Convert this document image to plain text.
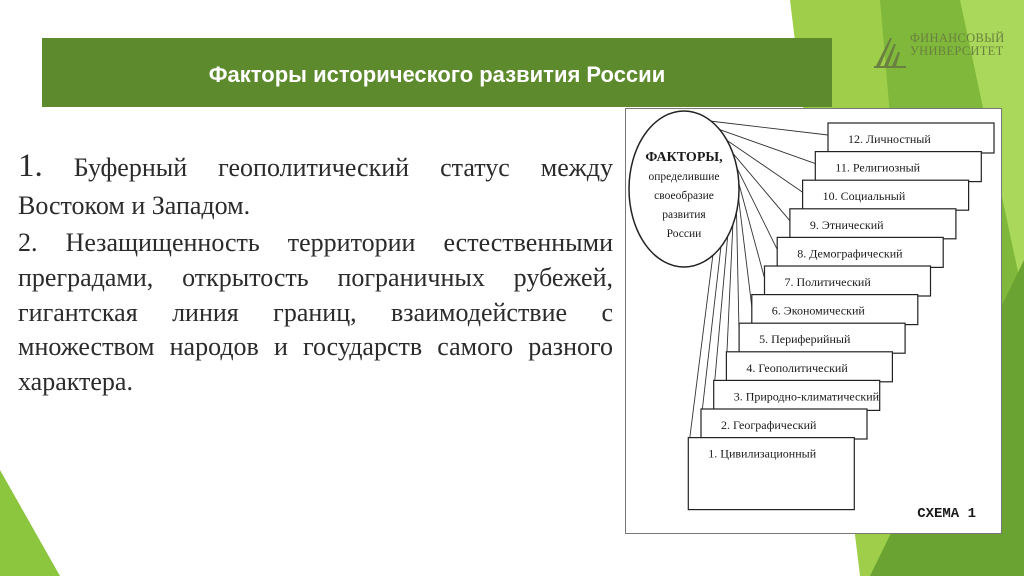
Факторы исторического развития России
ФИНАНСОВЫЙ
УНИВЕРСИТЕТ

1. Буферный геополитический статус между Востоком и Западом.

2. Незащищенность территории естественными преградами, открытость пограничных рубежей, гигантская линия границ, взаимодействие с множеством народов и государств самого разного характера.

12. Личностный
11. Религиозный
10. Социальный
9. Этнический
8. Демографический
7. Политический
6. Экономический
5. Периферийный
4. Геополитический
3. Природно-климатический
2. Географический
1. Цивилизационный
ФАКТОРЫ,
определившие
своеобразие
развития
России
СХЕМА 1
